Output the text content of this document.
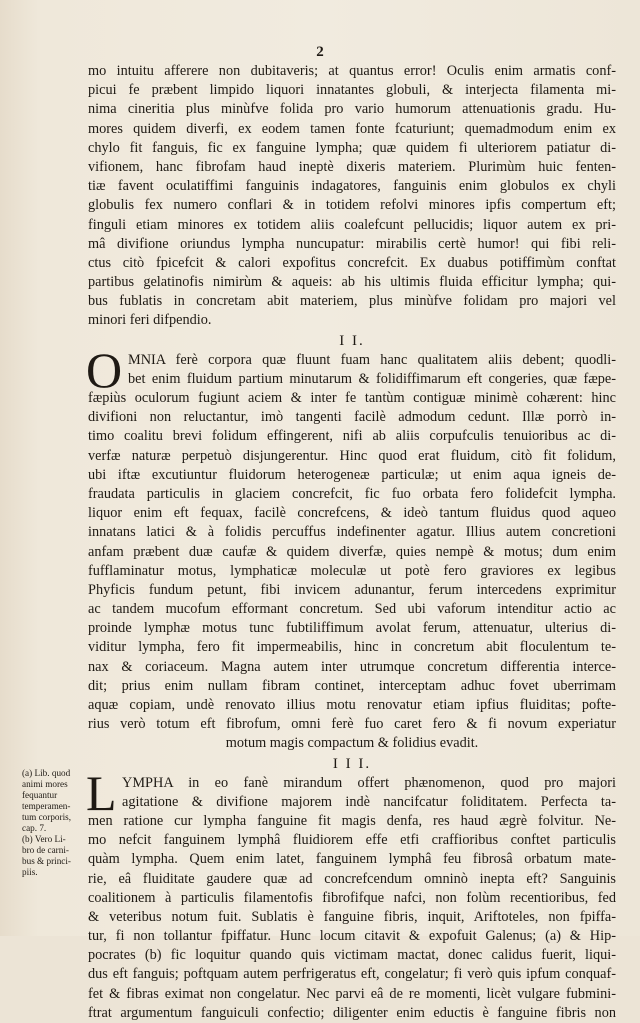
2
mo intuitu afferere non dubitaveris; at quantus error! Oculis enim armatis conf-
picui fe præbent limpido liquori innatantes globuli, & interjecta filamenta mi-
nima cineritia plus minùfve folida pro vario humorum attenuationis gradu. Hu-
mores quidem diverfi, ex eodem tamen fonte fcaturiunt; quemadmodum enim ex
chylo fit fanguis, fic ex fanguine lympha; quæ quidem fi ulteriorem patiatur di-
vifionem, hanc fibrofam haud ineptè dixeris materiem. Plurimùm huic fenten-
tiæ favent oculatiffimi fanguinis indagatores, fanguinis enim globulos ex chyli
globulis fex numero conflari & in totidem refolvi minores ipfis compertum eft;
finguli etiam minores ex totidem aliis coalefcunt pellucidis; liquor autem ex pri-
mâ divifione oriundus lympha nuncupatur: mirabilis certè humor! qui fibi reli-
ctus citò fpicefcit & calori expofitus concrefcit. Ex duabus potiffimùm conftat
partibus gelatinofis nimirùm & aqueis: ab his ultimis fluida efficitur lympha; qui-
bus fublatis in concretam abit materiem, plus minùfve folidam pro majori vel
minori feri difpendio.
I I.
O MNIA ferè corpora quæ fluunt fuam hanc qualitatem aliis debent; quodli-
bet enim fluidum partium minutarum & folidiffimarum eft congeries, quæ fæpe-
fæpiùs oculorum fugiunt aciem & inter fe tantùm contiguæ minimè cohærent: hinc
divifioni non reluctantur, imò tangenti facilè admodum cedunt. Illæ porrò in-
timo coalitu brevi folidum effingerent, nifi ab aliis corpufculis tenuioribus ac di-
verfæ naturæ perpetuò disjungerentur. Hinc quod erat fluidum, citò fit folidum,
ubi iftæ excutiuntur fluidorum heterogeneæ particulæ; ut enim aqua igneis de-
fraudata particulis in glaciem concrefcit, fic fuo orbata fero folidefcit lympha.
liquor enim eft fequax, facilè concrefcens, & ideò tantum fluidus quod aqueo
innatans latici & à folidis percuffus indefinenter agatur. Illius autem concretioni
anfam præbent duæ caufæ & quidem diverfæ, quies nempè & motus; dum enim
fufflaminatur motus, lymphaticæ moleculæ ut potè fero graviores ex legibus
Phyficis fundum petunt, fibi invicem adunantur, ferum intercedens exprimitur
ac tandem mucofum efformant concretum. Sed ubi vaforum intenditur actio ac
proinde lymphæ motus tunc fubtiliffimum avolat ferum, attenuatur, ulterius di-
viditur lympha, fero fit impermeabilis, hinc in concretum abit floculentum te-
nax & coriaceum. Magna autem inter utrumque concretum differentia interce-
dit; prius enim nullam fibram continet, interceptam adhuc fovet uberrimam
aquæ copiam, undè renovato illius motu renovatur etiam ipfius fluiditas; pofte-
rius verò totum eft fibrofum, omni ferè fuo caret fero & fi novum experiatur
motum magis compactum & folidius evadit.
I I I.
L YMPHA in eo fanè mirandum offert phænomenon, quod pro majori
agitatione & divifione majorem indè nancifcatur foliditatem. Perfecta ta-
men ratione cur lympha fanguine fit magis denfa, res haud ægrè folvitur. Ne-
mo nefcit fanguinem lymphâ fluidiorem effe etfi craffioribus conftet particulis
quàm lympha. Quem enim latet, fanguinem lymphâ feu fibrosâ orbatum mate-
rie, eâ fluiditate gaudere quæ ad concrefcendum omninò inepta eft? Sanguinis
coalitionem à particulis filamentofis fibrofifque nafci, non folùm recentioribus, fed
& veteribus notum fuit. Sublatis è fanguine fibris, inquit, Ariftoteles, non fpiffa-
tur, fi non tollantur fpiffatur. Hunc locum citavit & expofuit Galenus; (a) & Hip-
pocrates (b) fic loquitur quando quis victimam mactat, donec calidus fuerit, liqui-
dus eft fanguis; poftquam autem perfrigeratus eft, congelatur; fi verò quis ipfum conquaf-
fet & fibras eximat non congelatur. Nec parvi eâ de re momenti, licèt vulgare fubmini-
ftrat argumentum fanguiculi confectio; diligenter enim eductis è fanguine fibris non
(a) Lib. quod
animi mores
fequantur
temperamen-
tum corporis,
cap. 7.
(b) Vero Li-
bro de carni-
bus & princi-
piis.
